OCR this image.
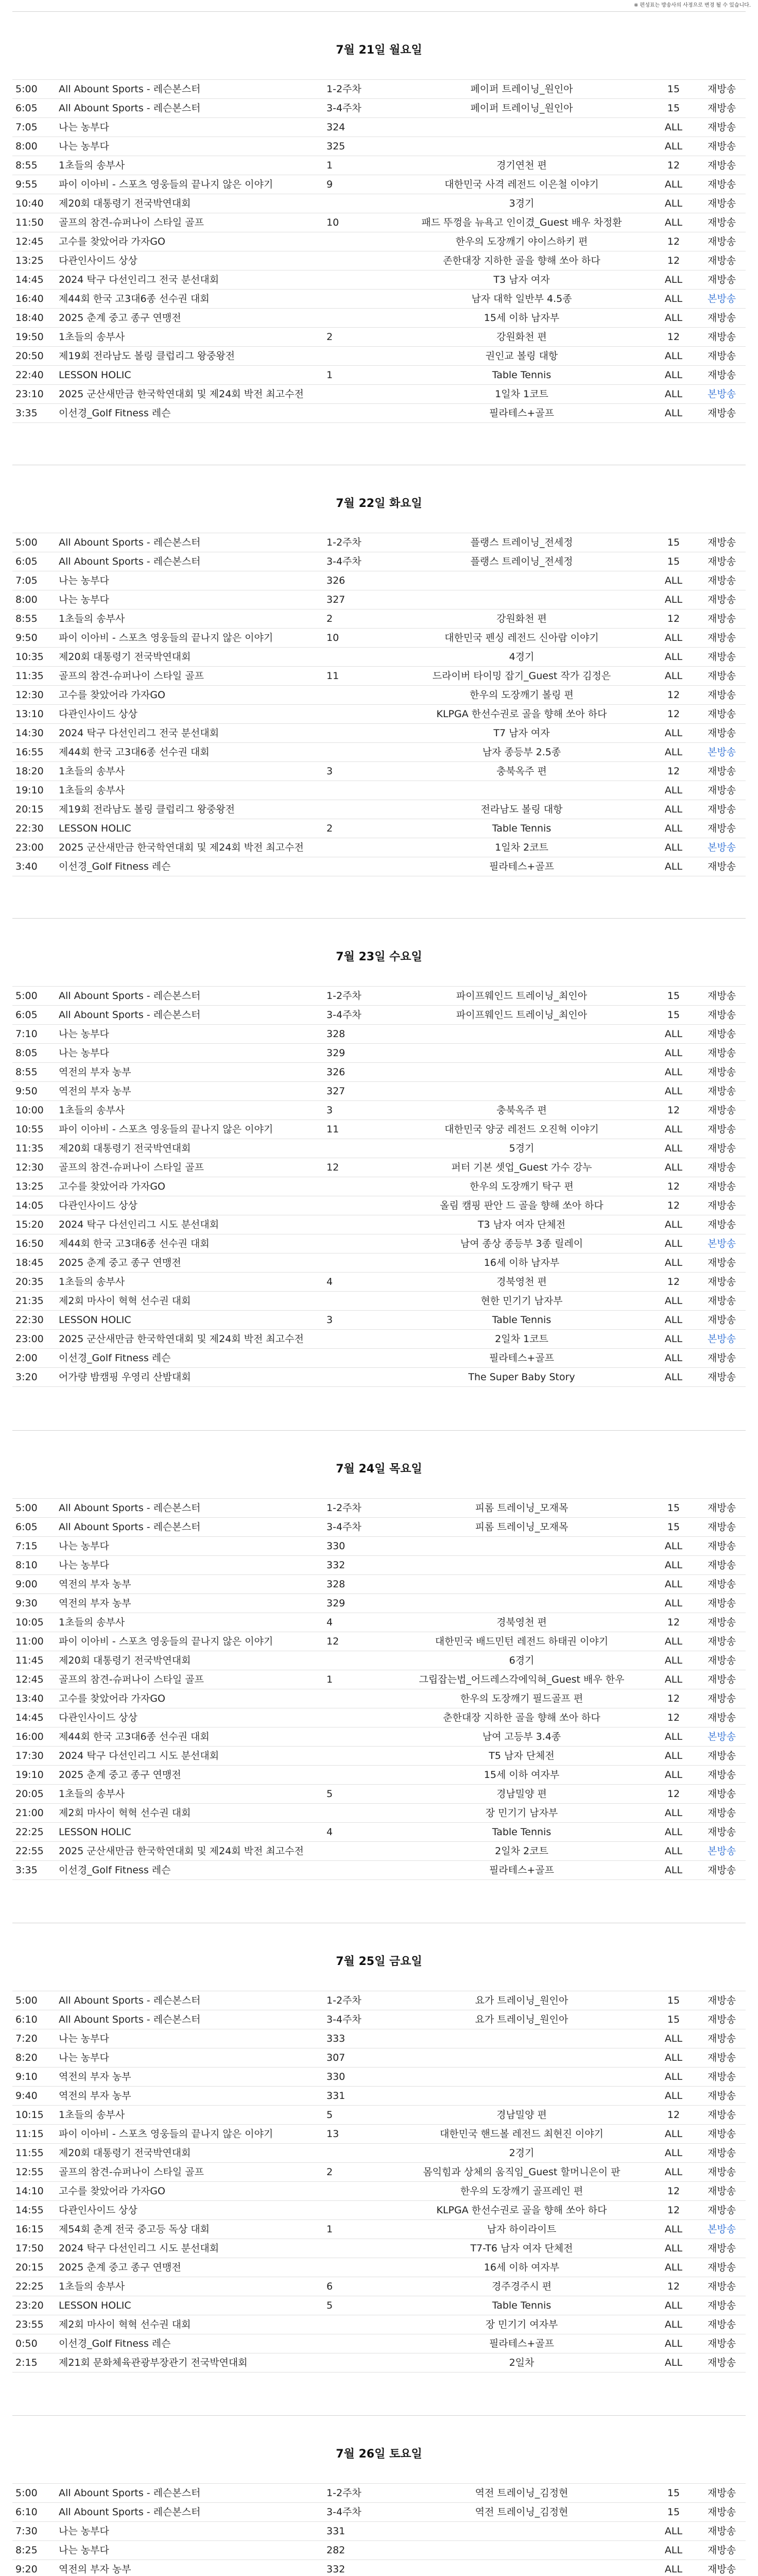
※ 편성표는 방송사의 사정으로 변경 될 수 있습니다.
7월 21일 월요일
5:00	All Abount Sports - 레슨본스터	1-2주차	페이퍼 트레이닝_원인아	15	재방송
6:05	All Abount Sports - 레슨본스터	3-4주차	페이퍼 트레이닝_원인아	15	재방송
7:05	나는 농부다	324		ALL	재방송
8:00	나는 농부다	325		ALL	재방송
8:55	1초들의 송부사	1	경기연천 편	12	재방송
9:55	파이 이아비 - 스포츠 영웅들의 끝나지 않은 이야기	9	대한민국 사격 레전드 이은철 이야기	ALL	재방송
10:40	제20회 대통령기 전국박연대회		3경기	ALL	재방송
11:50	골프의 참견-슈퍼나이 스타일 골프	10	패드 뚜껑을 뉴욕고 인이겼_Guest 배우 차정환	ALL	재방송
12:45	고수를 찾았어라 가자GO		한우의 도장깨기 야이스하키 편	12	재방송
13:25	다관인사이드 상상		존한대장 지하한 골을 향해 쏘아 하다	12	재방송
14:45	2024 탁구 다선인리그 전국 분선대회		T3 남자 여자	ALL	재방송
16:40	제44회 한국 고3대6종 선수권 대회		남자 대학 일반부 4.5종	ALL	본방송
18:40	2025 춘계 중고 종구 연맹전		15세 이하 남자부	ALL	재방송
19:50	1초들의 송부사	2	강원화천 편	12	재방송
20:50	제19회 전라남도 볼링 클럽리그 왕중왕전		권인교 볼링 대항	ALL	재방송
22:40	LESSON HOLIC	1	Table Tennis	ALL	재방송
23:10	2025 군산새만금 한국학연대회 및 제24회 박전 최고수전		1일차 1코트	ALL	본방송
3:35	이선경_Golf Fitness 레슨		필라테스+골프	ALL	재방송
7월 22일 화요일
5:00	All Abount Sports - 레슨본스터	1-2주차	플랭스 트레이닝_전세정	15	재방송
6:05	All Abount Sports - 레슨본스터	3-4주차	플랭스 트레이닝_전세정	15	재방송
7:05	나는 농부다	326		ALL	재방송
8:00	나는 농부다	327		ALL	재방송
8:55	1초들의 송부사	2	강원화천 편	12	재방송
9:50	파이 이아비 - 스포츠 영웅들의 끝나지 않은 이야기	10	대한민국 펜싱 레전드 신아람 이야기	ALL	재방송
10:35	제20회 대통령기 전국박연대회		4경기	ALL	재방송
11:35	골프의 참견-슈퍼나이 스타일 골프	11	드라이버 타이밍 잡기_Guest 작가 김정은	ALL	재방송
12:30	고수를 찾았어라 가자GO		한우의 도장깨기 볼링 편	12	재방송
13:10	다관인사이드 상상		KLPGA 한선수권로 골을 향해 쏘아 하다	12	재방송
14:30	2024 탁구 다선인리그 전국 분선대회		T7 남자 여자	ALL	재방송
16:55	제44회 한국 고3대6종 선수권 대회		남자 종등부 2.5종	ALL	본방송
18:20	1초들의 송부사	3	충북옥주 편	12	재방송
19:10	1초들의 송부사			ALL	재방송
20:15	제19회 전라남도 볼링 클럽리그 왕중왕전		전라남도 볼링 대항	ALL	재방송
22:30	LESSON HOLIC	2	Table Tennis	ALL	재방송
23:00	2025 군산새만금 한국학연대회 및 제24회 박전 최고수전		1일차 2코트	ALL	본방송
3:40	이선경_Golf Fitness 레슨		필라테스+골프	ALL	재방송
7월 23일 수요일
5:00	All Abount Sports - 레슨본스터	1-2주차	파이프웨인드 트레이닝_최인아	15	재방송
6:05	All Abount Sports - 레슨본스터	3-4주차	파이프웨인드 트레이닝_최인아	15	재방송
7:10	나는 농부다	328		ALL	재방송
8:05	나는 농부다	329		ALL	재방송
8:55	역전의 부자 농부	326		ALL	재방송
9:50	역전의 부자 농부	327		ALL	재방송
10:00	1초들의 송부사	3	충북옥주 편	12	재방송
10:55	파이 이아비 - 스포츠 영웅들의 끝나지 않은 이야기	11	대한민국 양궁 레전드 오진혁 이야기	ALL	재방송
11:35	제20회 대통령기 전국박연대회		5경기	ALL	재방송
12:30	골프의 참견-슈퍼나이 스타일 골프	12	퍼터 기본 셋업_Guest 가수 강누	ALL	재방송
13:25	고수를 찾았어라 가자GO		한우의 도장깨기 탁구 편	12	재방송
14:05	다관인사이드 상상		올림 캠핑 판안 드 골을 향해 쏘아 하다	12	재방송
15:20	2024 탁구 다선인리그 시도 분선대회		T3 남자 여자 단체전	ALL	재방송
16:50	제44회 한국 고3대6종 선수권 대회		남여 종상 종등부 3종 릴레이	ALL	본방송
18:45	2025 춘계 중고 종구 연맹전		16세 이하 남자부	ALL	재방송
20:35	1초들의 송부사	4	경북영천 편	12	재방송
21:35	제2회 마사이 혁혁 선수권 대회		현한 민기기 남자부	ALL	재방송
22:30	LESSON HOLIC	3	Table Tennis	ALL	재방송
23:00	2025 군산새만금 한국학연대회 및 제24회 박전 최고수전		2일차 1코트	ALL	본방송
2:00	이선경_Golf Fitness 레슨		필라테스+골프	ALL	재방송
3:20	어가량 밤캠핑 우영리 산밤대회		The Super Baby Story	ALL	재방송
7월 24일 목요일
5:00	All Abount Sports - 레슨본스터	1-2주차	피롬 트레이닝_모재목	15	재방송
6:05	All Abount Sports - 레슨본스터	3-4주차	피롬 트레이닝_모재목	15	재방송
7:15	나는 농부다	330		ALL	재방송
8:10	나는 농부다	332		ALL	재방송
9:00	역전의 부자 농부	328		ALL	재방송
9:30	역전의 부자 농부	329		ALL	재방송
10:05	1초들의 송부사	4	경북영천 편	12	재방송
11:00	파이 이아비 - 스포츠 영웅들의 끝나지 않은 이야기	12	대한민국 배드민턴 레전드 하태권 이야기	ALL	재방송
11:45	제20회 대통령기 전국박연대회		6경기	ALL	재방송
12:45	골프의 참견-슈퍼나이 스타일 골프	1	그립잡는법_어드레스각에익혀_Guest 배우 한우	ALL	재방송
13:40	고수를 찾았어라 가자GO		한우의 도장깨기 필드골프 편	12	재방송
14:45	다관인사이드 상상		춘한대장 지하한 골을 향해 쏘아 하다	12	재방송
16:00	제44회 한국 고3대6종 선수권 대회		남여 고등부 3.4종	ALL	본방송
17:30	2024 탁구 다선인리그 시도 분선대회		T5 남자 단체전	ALL	재방송
19:10	2025 춘계 중고 종구 연맹전		15세 이하 여자부	ALL	재방송
20:05	1초들의 송부사	5	경남밀양 편	12	재방송
21:00	제2회 마사이 혁혁 선수권 대회		장 민기기 남자부	ALL	재방송
22:25	LESSON HOLIC	4	Table Tennis	ALL	재방송
22:55	2025 군산새만금 한국학연대회 및 제24회 박전 최고수전		2일차 2코트	ALL	본방송
3:35	이선경_Golf Fitness 레슨		필라테스+골프	ALL	재방송
7월 25일 금요일
5:00	All Abount Sports - 레슨본스터	1-2주차	요가 트레이닝_원인아	15	재방송
6:10	All Abount Sports - 레슨본스터	3-4주차	요가 트레이닝_원인아	15	재방송
7:20	나는 농부다	333		ALL	재방송
8:20	나는 농부다	307		ALL	재방송
9:10	역전의 부자 농부	330		ALL	재방송
9:40	역전의 부자 농부	331		ALL	재방송
10:15	1초들의 송부사	5	경남밀양 편	12	재방송
11:15	파이 이아비 - 스포츠 영웅들의 끝나지 않은 이야기	13	대한민국 핸드볼 레전드 최현진 이야기	ALL	재방송
11:55	제20회 대통령기 전국박연대회		2경기	ALL	재방송
12:55	골프의 참견-슈퍼나이 스타일 골프	2	몸익힘과 상체의 움직임_Guest 할머니은이 판	ALL	재방송
14:10	고수를 찾았어라 가자GO		한우의 도장깨기 골프레인 편	12	재방송
14:55	다관인사이드 상상		KLPGA 한선수권로 골을 향해 쏘아 하다	12	재방송
16:15	제54회 춘계 전국 중고등 독상 대회	1	남자 하이라이트	ALL	본방송
17:50	2024 탁구 다선인리그 시도 분선대회		T7-T6 남자 여자 단체전	ALL	재방송
20:15	2025 춘계 중고 종구 연맹전		16세 이하 여자부	ALL	재방송
22:25	1초들의 송부사	6	경주경주시 편	12	재방송
23:20	LESSON HOLIC	5	Table Tennis	ALL	재방송
23:55	제2회 마사이 혁혁 선수권 대회		장 민기기 여자부	ALL	재방송
0:50	이선경_Golf Fitness 레슨		필라테스+골프	ALL	재방송
2:15	제21회 문화체육관광부장관기 전국박연대회		2일차	ALL	재방송
7월 26일 토요일
5:00	All Abount Sports - 레슨본스터	1-2주차	역전 트레이닝_김정현	15	재방송
6:10	All Abount Sports - 레슨본스터	3-4주차	역전 트레이닝_김정현	15	재방송
7:30	나는 농부다	331		ALL	재방송
8:25	나는 농부다	282		ALL	재방송
9:20	역전의 부자 농부	332		ALL	재방송
